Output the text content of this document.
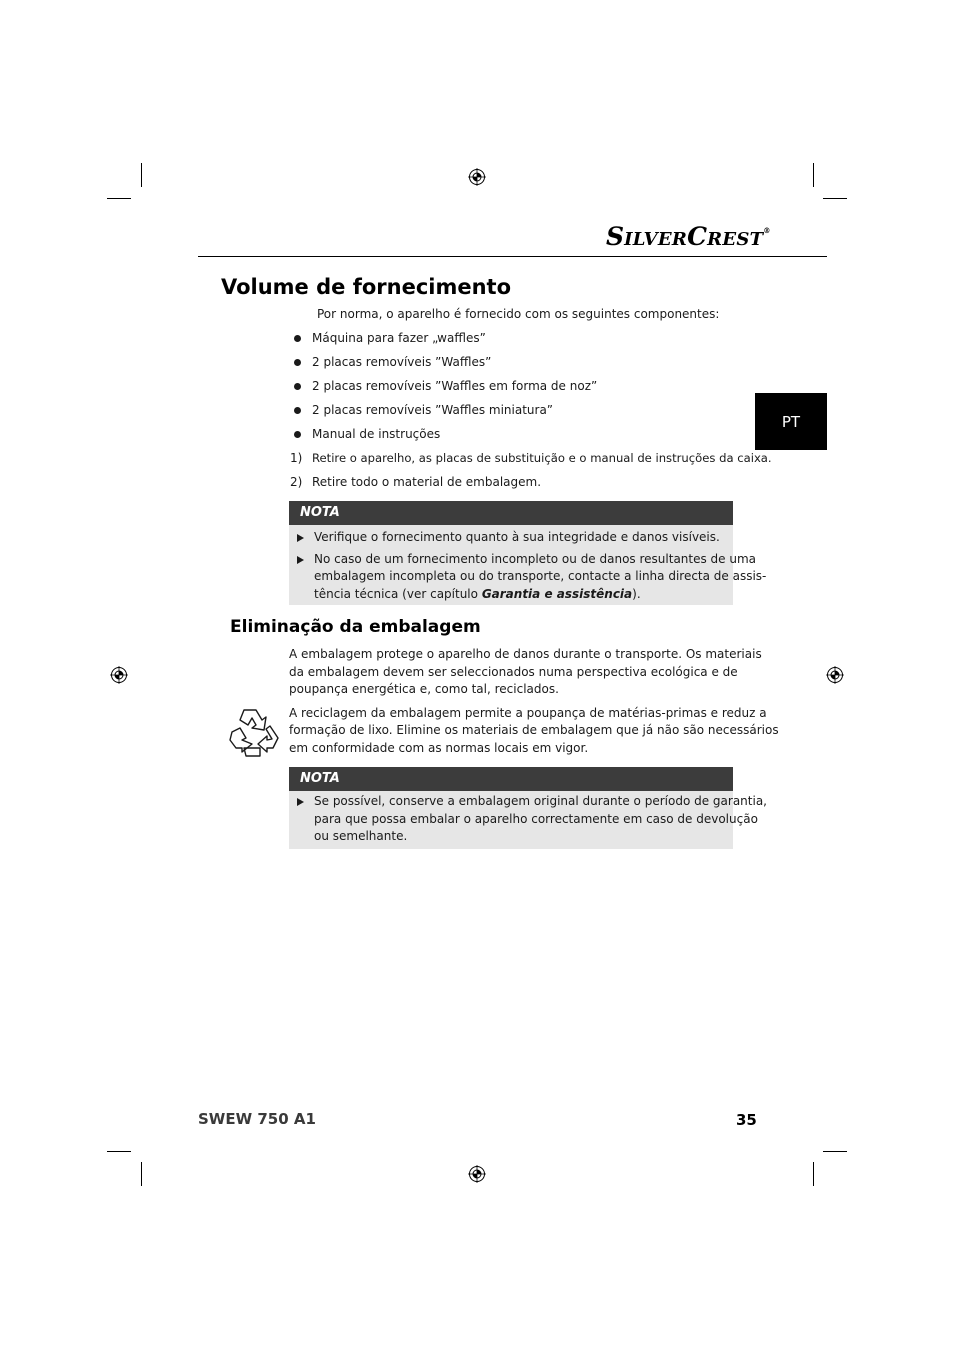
SILVERCREST®
PT
Volume de fornecimento
Por norma, o aparelho é fornecido com os seguintes componentes:
Máquina para fazer „waffles”
2 placas removíveis ”Waffles”
2 placas removíveis ”Waffles em forma de noz”
2 placas removíveis ”Waffles miniatura”
Manual de instruções
1) Retire o aparelho, as placas de substituição e o manual de instruções da caixa.
2) Retire todo o material de embalagem.
NOTA
Verifique o fornecimento quanto à sua integridade e danos visíveis.
No caso de um fornecimento incompleto ou de danos resultantes de uma
embalagem incompleta ou do transporte, contacte a linha directa de assis-
tência técnica (ver capítulo Garantia e assistência).
Eliminação da embalagem
A embalagem protege o aparelho de danos durante o transporte. Os materiais
da embalagem devem ser seleccionados numa perspectiva ecológica e de
poupança energética e, como tal, reciclados.
A reciclagem da embalagem permite a poupança de matérias-primas e reduz a
formação de lixo. Elimine os materiais de embalagem que já não são necessários
em conformidade com as normas locais em vigor.
NOTA
Se possível, conserve a embalagem original durante o período de garantia,
para que possa embalar o aparelho correctamente em caso de devolução
ou semelhante.
SWEW 750 A1	35
